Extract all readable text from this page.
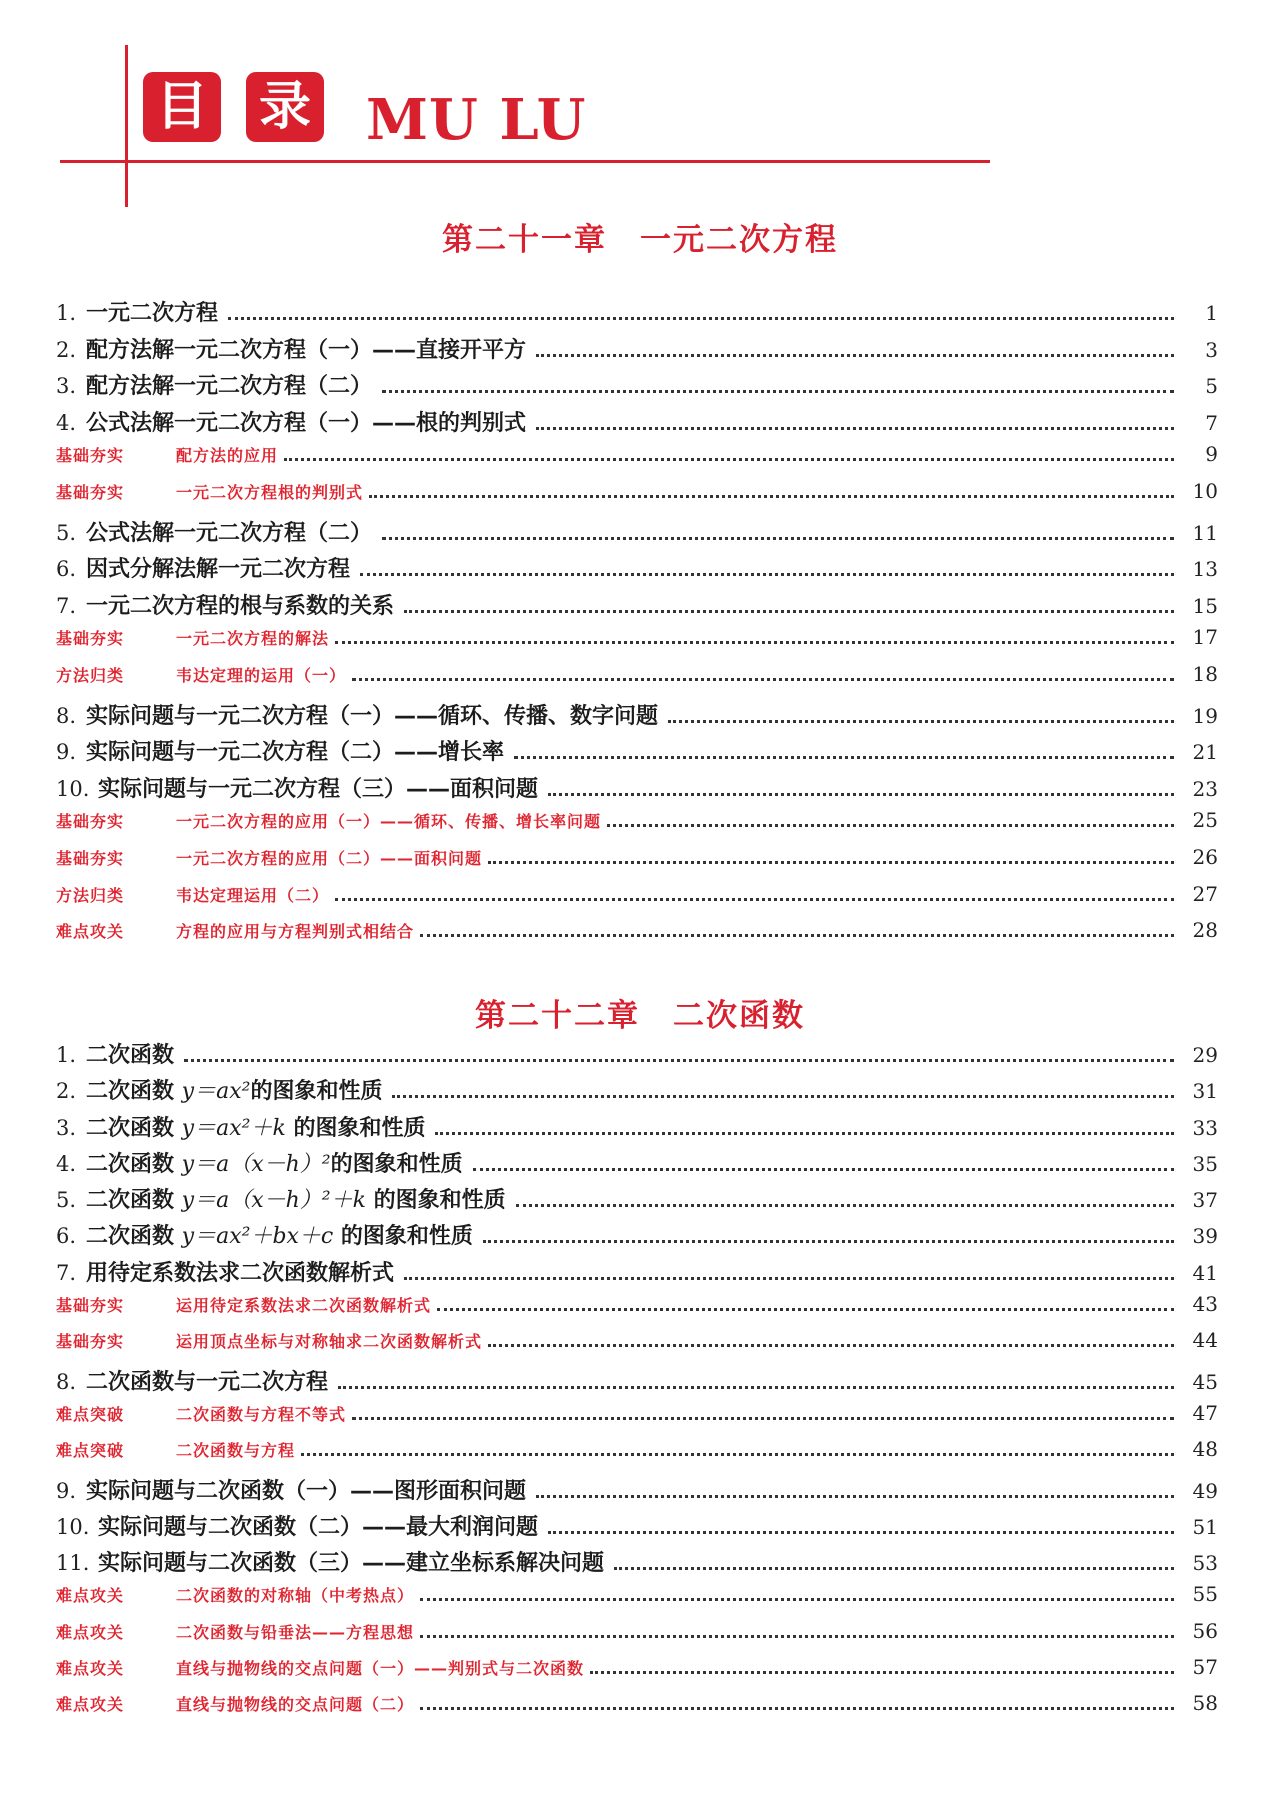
目 录 MU LU
第二十一章　一元二次方程
1. 一元二次方程	1
2. 配方法解一元二次方程（一）——直接开平方	3
3. 配方法解一元二次方程（二）	5
4. 公式法解一元二次方程（一）——根的判别式	7
基础夯实	配方法的应用	9
基础夯实	一元二次方程根的判别式	10
5. 公式法解一元二次方程（二）	11
6. 因式分解法解一元二次方程	13
7. 一元二次方程的根与系数的关系	15
基础夯实	一元二次方程的解法	17
方法归类	韦达定理的运用（一）	18
8. 实际问题与一元二次方程（一）——循环、传播、数字问题	19
9. 实际问题与一元二次方程（二）——增长率	21
10. 实际问题与一元二次方程（三）——面积问题	23
基础夯实	一元二次方程的应用（一）——循环、传播、增长率问题	25
基础夯实	一元二次方程的应用（二）——面积问题	26
方法归类	韦达定理运用（二）	27
难点攻关	方程的应用与方程判别式相结合	28
第二十二章　二次函数
1. 二次函数	29
2. 二次函数 y＝ax²的图象和性质	31
3. 二次函数 y＝ax²＋k 的图象和性质	33
4. 二次函数 y＝a（x－h）²的图象和性质	35
5. 二次函数 y＝a（x－h）²＋k 的图象和性质	37
6. 二次函数 y＝ax²＋bx＋c 的图象和性质	39
7. 用待定系数法求二次函数解析式	41
基础夯实	运用待定系数法求二次函数解析式	43
基础夯实	运用顶点坐标与对称轴求二次函数解析式	44
8. 二次函数与一元二次方程	45
难点突破	二次函数与方程不等式	47
难点突破	二次函数与方程	48
9. 实际问题与二次函数（一）——图形面积问题	49
10. 实际问题与二次函数（二）——最大利润问题	51
11. 实际问题与二次函数（三）——建立坐标系解决问题	53
难点攻关	二次函数的对称轴（中考热点）	55
难点攻关	二次函数与铅垂法——方程思想	56
难点攻关	直线与抛物线的交点问题（一）——判别式与二次函数	57
难点攻关	直线与抛物线的交点问题（二）	58
